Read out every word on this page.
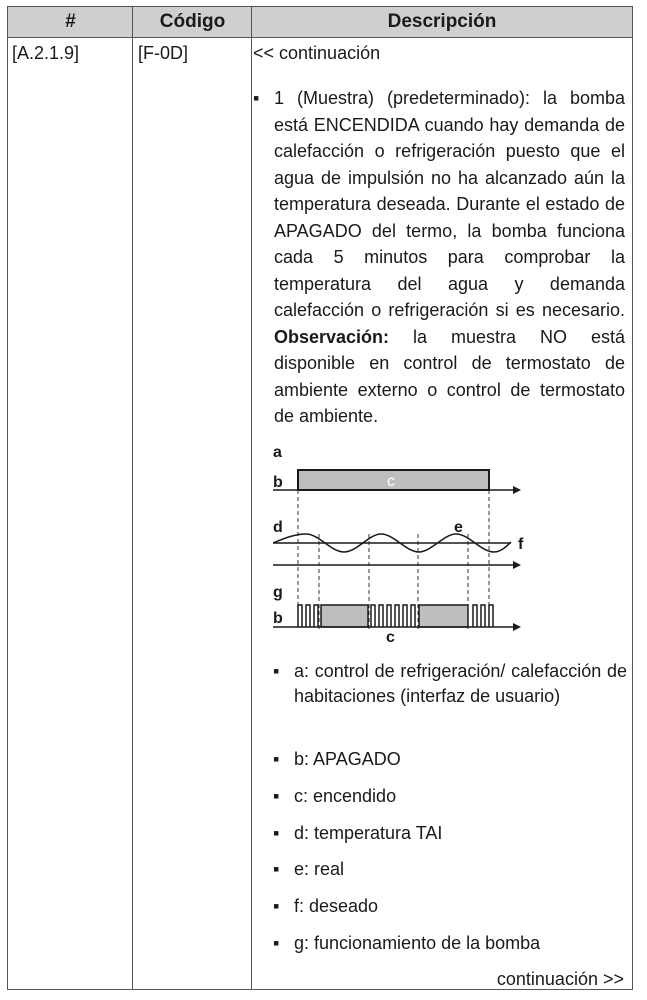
#	Código	Descripción
[A.2.1.9]	[F-0D]	<< continuación
▪ 1 (Muestra) (predeterminado): la bomba está ENCENDIDA cuando hay demanda de calefacción o refrigeración puesto que el agua de impulsión no ha alcanzado aún la temperatura deseada. Durante el estado de APAGADO del termo, la bomba funciona cada 5 minutos para comprobar la temperatura del agua y demanda calefacción o refrigeración si es necesario. Observación: la muestra NO está disponible en control de termostato de ambiente externo o control de termostato de ambiente.
a
b	c
d	e
f
g
b
c
▪ a: control de refrigeración/ calefacción de habitaciones (interfaz de usuario)
▪ b: APAGADO
▪ c: encendido
▪ d: temperatura TAI
▪ e: real
▪ f: deseado
▪ g: funcionamiento de la bomba
continuación >>
